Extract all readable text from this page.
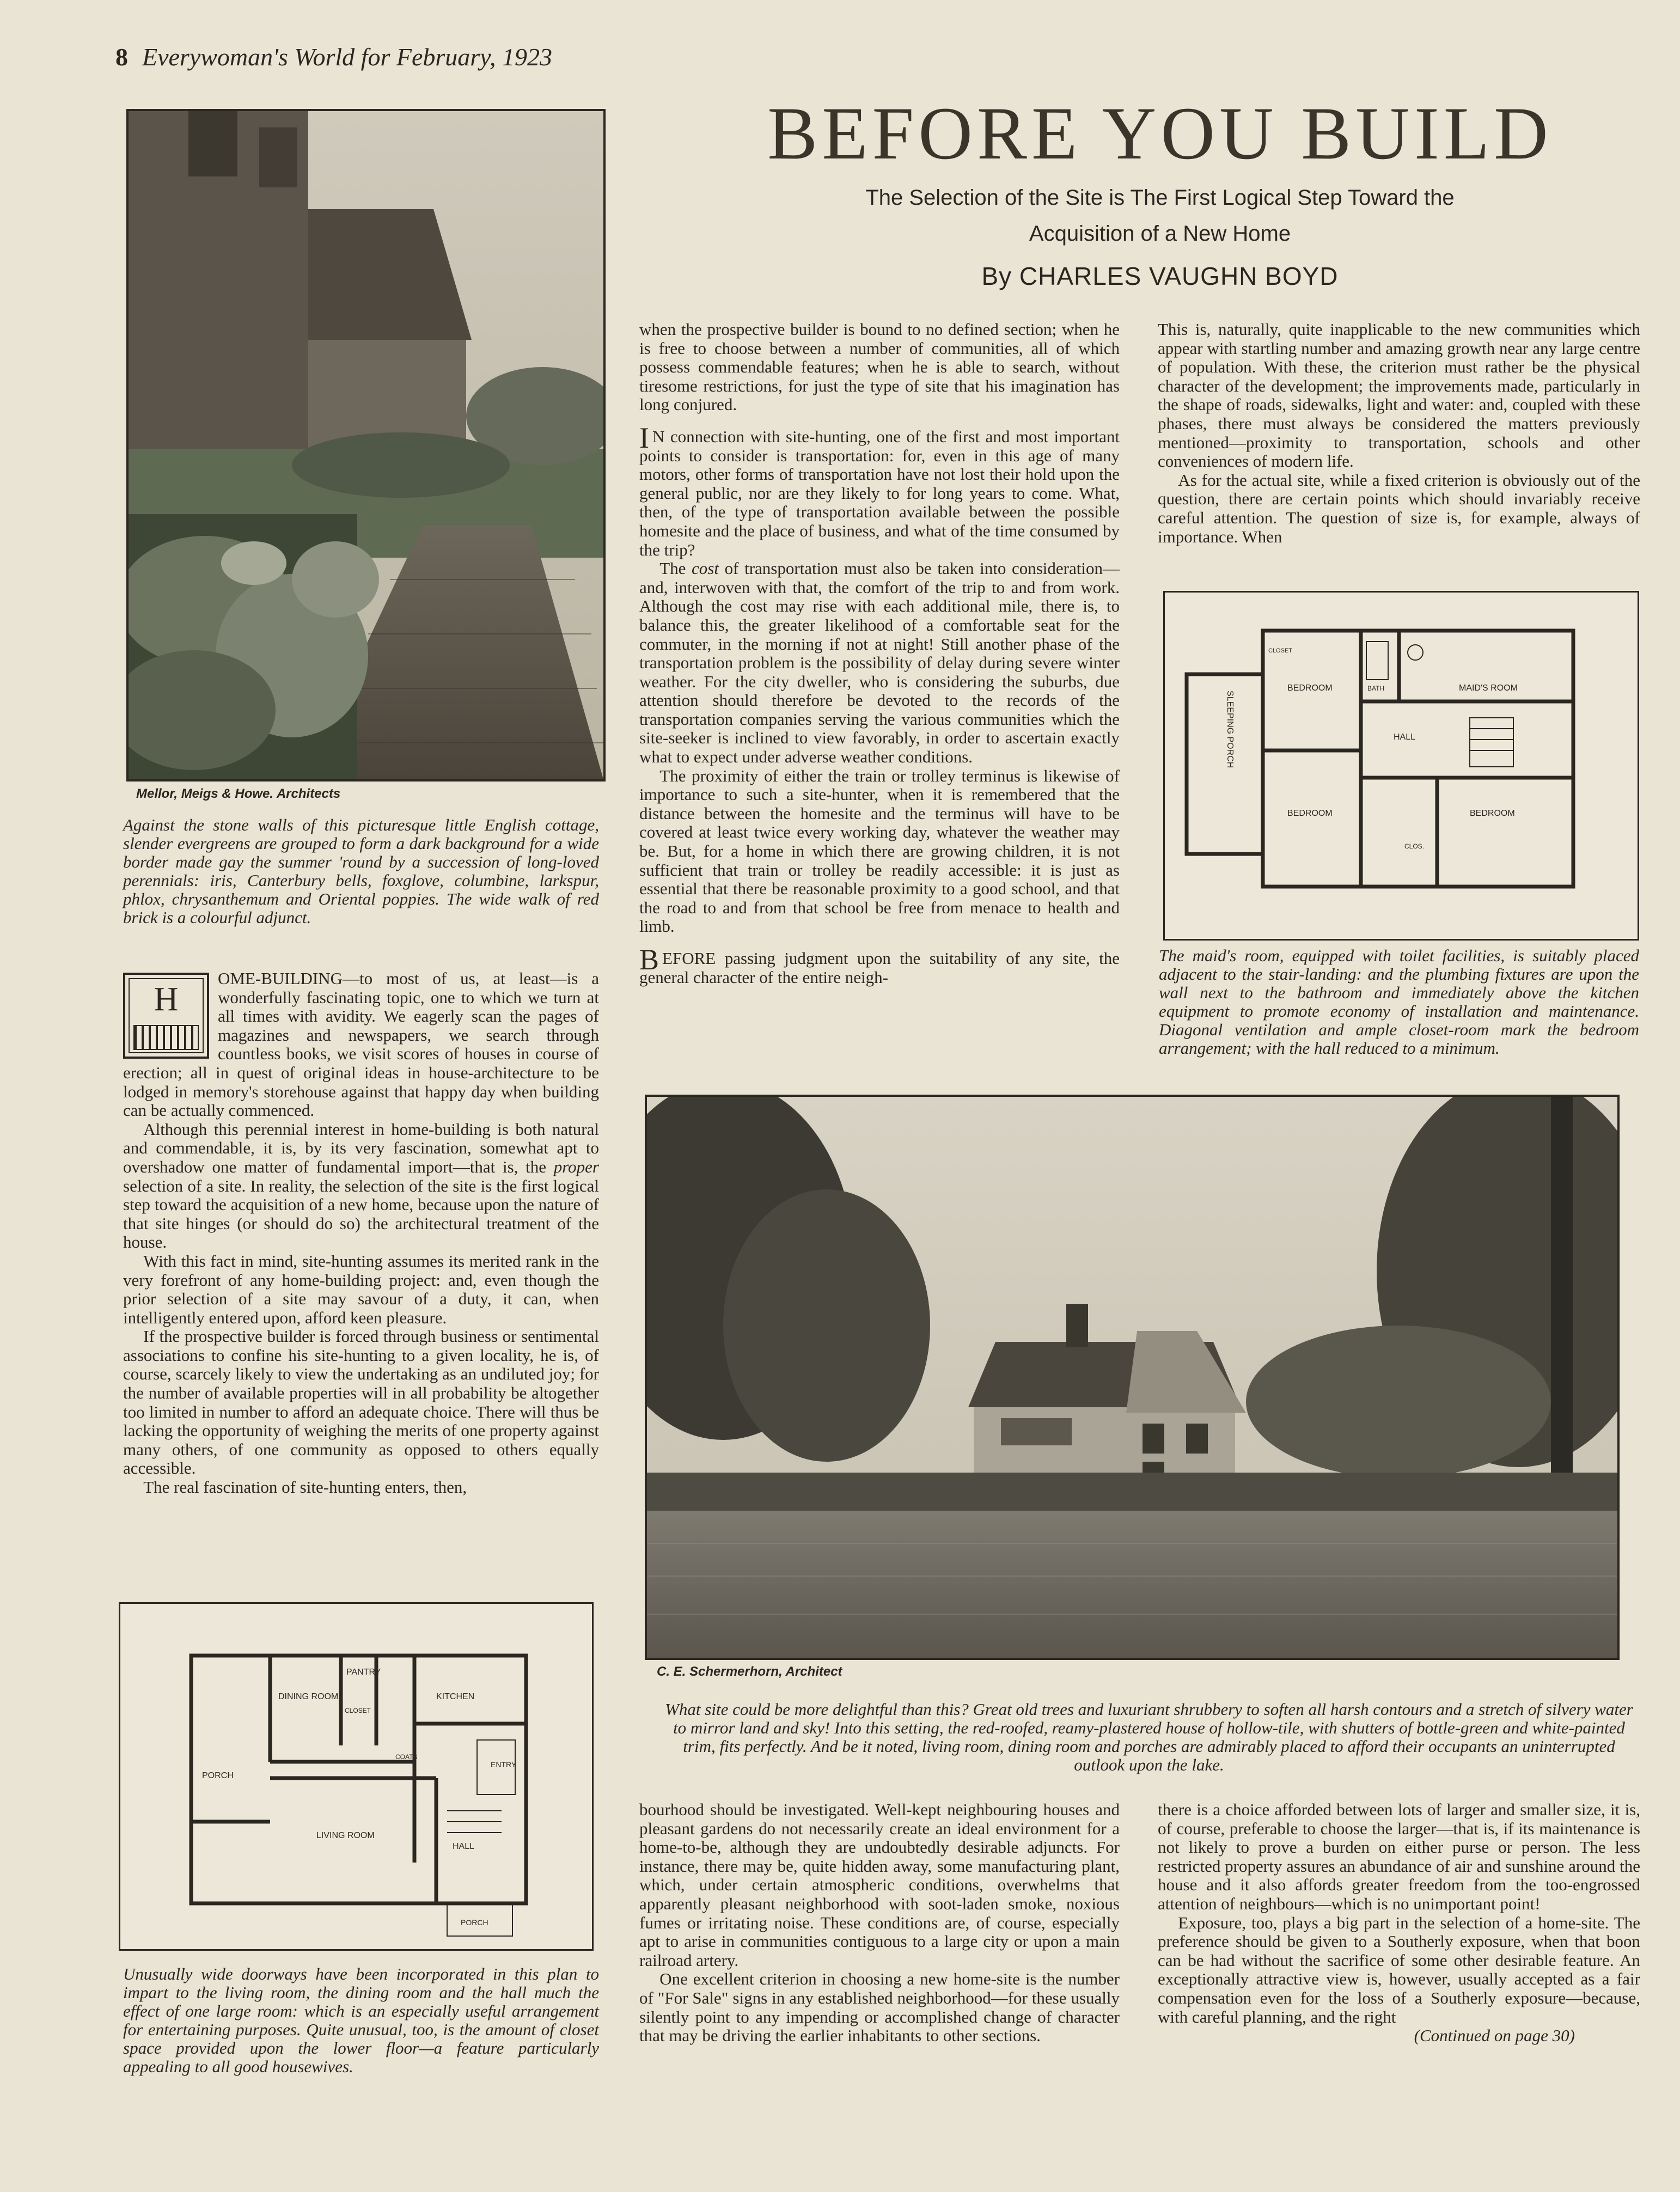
8 Everywoman's World for February, 1923
BEFORE YOU BUILD
The Selection of the Site is The First Logical Step Toward the
Acquisition of a New Home
By CHARLES VAUGHN BOYD
Mellor, Meigs & Howe. Architects
Against the stone walls of this picturesque little English cottage, slender evergreens are grouped to form a dark background for a wide border made gay the summer 'round by a succession of long-loved perennials: iris, Canterbury bells, foxglove, columbine, larkspur, phlox, chrysanthemum and Oriental poppies. The wide walk of red brick is a colourful adjunct.
H

OME-BUILDING—to most of us, at least—is a wonderfully fascinating topic, one to which we turn at all times with avidity. We eagerly scan the pages of magazines and newspapers, we search through countless books, we visit scores of houses in course of erection; all in quest of original ideas in house-architecture to be lodged in memory's storehouse against that happy day when building can be actually commenced.

Although this perennial interest in home-building is both natural and commendable, it is, by its very fascination, somewhat apt to overshadow one matter of fundamental import—that is, the proper selection of a site. In reality, the selection of the site is the first logical step toward the acquisition of a new home, because upon the nature of that site hinges (or should do so) the architectural treatment of the house.

With this fact in mind, site-hunting assumes its merited rank in the very forefront of any home-building project: and, even though the prior selection of a site may savour of a duty, it can, when intelligently entered upon, afford keen pleasure.

If the prospective builder is forced through business or sentimental associations to confine his site-hunting to a given locality, he is, of course, scarcely likely to view the undertaking as an undiluted joy; for the number of available properties will in all probability be altogether too limited in number to afford an adequate choice. There will thus be lacking the opportunity of weighing the merits of one property against many others, of one community as opposed to others equally accessible.

The real fascination of site-hunting enters, then,

DINING ROOM
PANTRY
KITCHEN
PORCH
LIVING ROOM
HALL
ENTRY
COATS
CLOSET
PORCH
Unusually wide doorways have been incorporated in this plan to impart to the living room, the dining room and the hall much the effect of one large room: which is an especially useful arrangement for entertaining purposes. Quite unusual, too, is the amount of closet space provided upon the lower floor—a feature particularly appealing to all good housewives.

when the prospective builder is bound to no defined section; when he is free to choose between a number of communities, all of which possess commendable features; when he is able to search, without tiresome restrictions, for just the type of site that his imagination has long conjured.

I N connection with site-hunting, one of the first and most important points to consider is transportation: for, even in this age of many motors, other forms of transportation have not lost their hold upon the general public, nor are they likely to for long years to come. What, then, of the type of transportation available between the possible homesite and the place of business, and what of the time consumed by the trip?

The cost of transportation must also be taken into consideration—and, interwoven with that, the comfort of the trip to and from work. Although the cost may rise with each additional mile, there is, to balance this, the greater likelihood of a comfortable seat for the commuter, in the morning if not at night! Still another phase of the transportation problem is the possibility of delay during severe winter weather. For the city dweller, who is considering the suburbs, due attention should therefore be devoted to the records of the transportation companies serving the various communities which the site-seeker is inclined to view favorably, in order to ascertain exactly what to expect under adverse weather conditions.

The proximity of either the train or trolley terminus is likewise of importance to such a site-hunter, when it is remembered that the distance between the homesite and the terminus will have to be covered at least twice every working day, whatever the weather may be. But, for a home in which there are growing children, it is not sufficient that train or trolley be readily accessible: it is just as essential that there be reasonable proximity to a good school, and that the road to and from that school be free from menace to health and limb.

BEFORE passing judgment upon the suitability of any site, the general character of the entire neigh-

This is, naturally, quite inapplicable to the new communities which appear with startling number and amazing growth near any large centre of population. With these, the criterion must rather be the physical character of the development; the improvements made, particularly in the shape of roads, sidewalks, light and water: and, coupled with these phases, there must always be considered the matters previously mentioned—proximity to transportation, schools and other conveniences of modern life.

As for the actual site, while a fixed criterion is obviously out of the question, there are certain points which should invariably receive careful attention. The question of size is, for example, always of importance. When

BEDROOM
BEDROOM	BEDROOM
MAID'S ROOM
HALL
BATH
SLEEPING PORCH
CLOSET
CLOS.
The maid's room, equipped with toilet facilities, is suitably placed adjacent to the stair-landing: and the plumbing fixtures are upon the wall next to the bathroom and immediately above the kitchen equipment to promote economy of installation and maintenance. Diagonal ventilation and ample closet-room mark the bedroom arrangement; with the hall reduced to a minimum.
C. E. Schermerhorn, Architect
What site could be more delightful than this? Great old trees and luxuriant shrubbery to soften all harsh contours and a stretch of silvery water to mirror land and sky! Into this setting, the red-roofed, reamy-plastered house of hollow-tile, with shutters of bottle-green and white-painted trim, fits perfectly. And be it noted, living room, dining room and porches are admirably placed to afford their occupants an uninterrupted outlook upon the lake.

bourhood should be investigated. Well-kept neighbouring houses and pleasant gardens do not necessarily create an ideal environment for a home-to-be, although they are undoubtedly desirable adjuncts. For instance, there may be, quite hidden away, some manufacturing plant, which, under certain atmospheric conditions, overwhelms that apparently pleasant neighborhood with soot-laden smoke, noxious fumes or irritating noise. These conditions are, of course, especially apt to arise in communities contiguous to a large city or upon a main railroad artery.

One excellent criterion in choosing a new home-site is the number of "For Sale" signs in any established neighborhood—for these usually silently point to any impending or accomplished change of character that may be driving the earlier inhabitants to other sections.

there is a choice afforded between lots of larger and smaller size, it is, of course, preferable to choose the larger—that is, if its maintenance is not likely to prove a burden on either purse or person. The less restricted property assures an abundance of air and sunshine around the house and it also affords greater freedom from the too-engrossed attention of neighbours—which is no unimportant point!

Exposure, too, plays a big part in the selection of a home-site. The preference should be given to a Southerly exposure, when that boon can be had without the sacrifice of some other desirable feature. An exceptionally attractive view is, however, usually accepted as a fair compensation even for the loss of a Southerly exposure—because, with careful planning, and the right

(Continued on page 30)
